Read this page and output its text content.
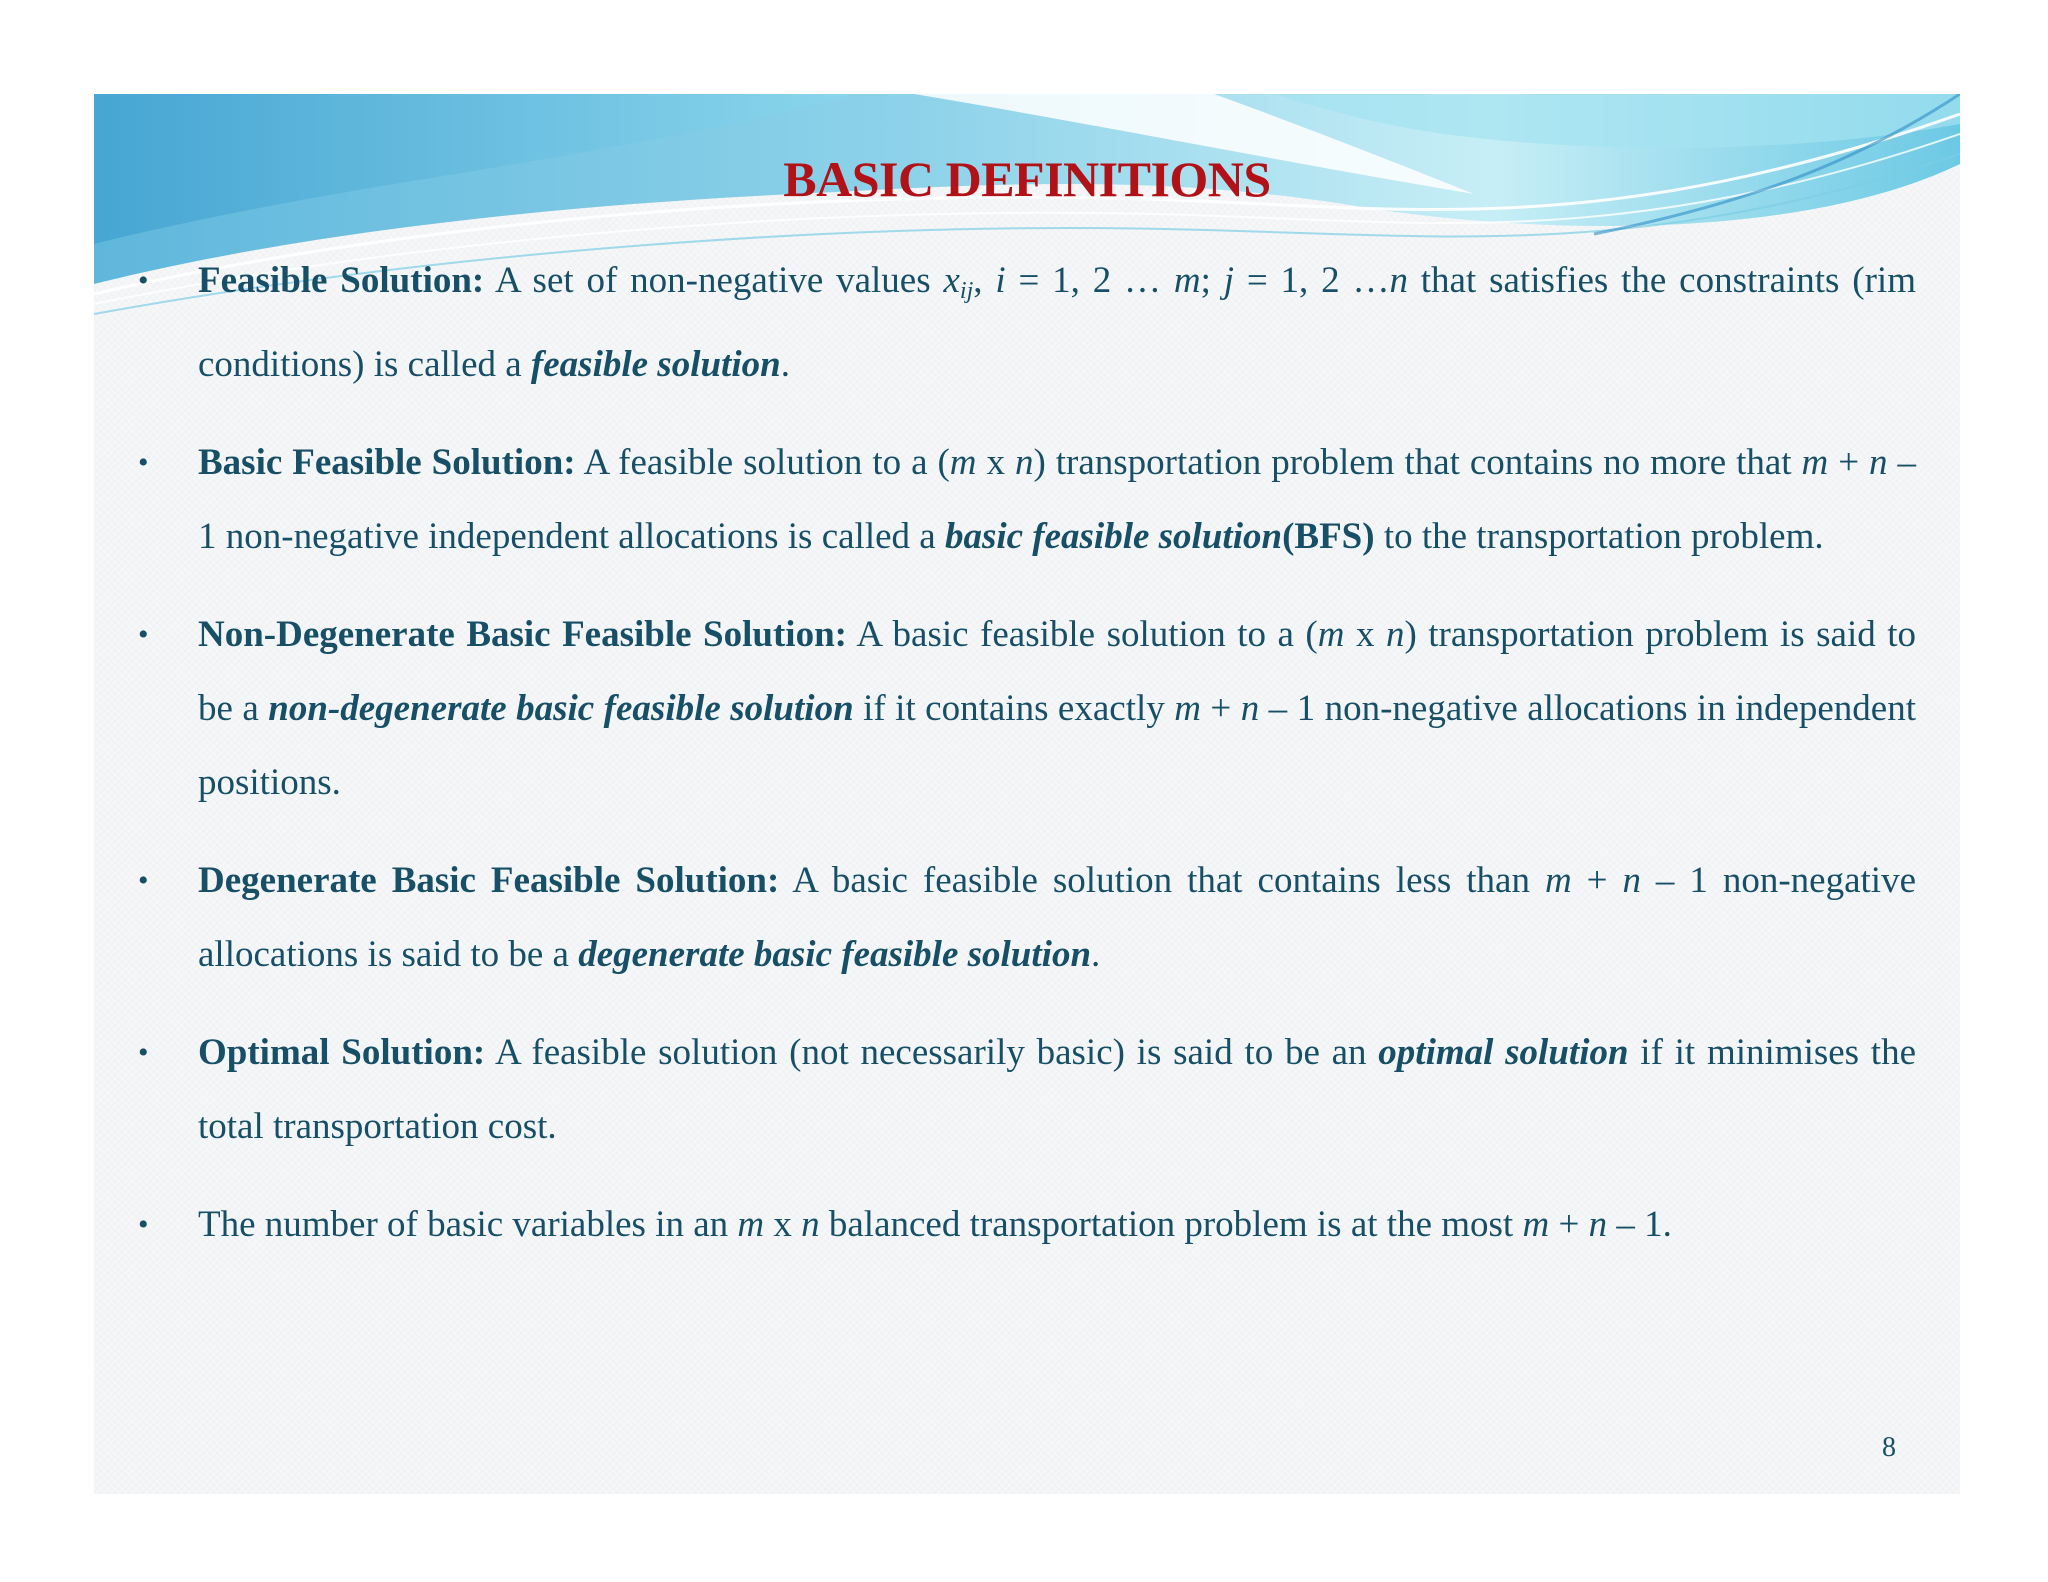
BASIC DEFINITIONS
• Feasible Solution: A set of non-negative values $x_{ij}$, i = 1, 2 … m; j = 1, 2 …n that satisfies the constraints (rim conditions) is called a feasible solution.
• Basic Feasible Solution: A feasible solution to a (m x n) transportation problem that contains no more that m + n – 1 non-negative independent allocations is called a basic feasible solution(BFS) to the transportation problem.
• Non-Degenerate Basic Feasible Solution: A basic feasible solution to a (m x n) transportation problem is said to be a non-degenerate basic feasible solution if it contains exactly m + n – 1 non-negative allocations in independent positions.
• Degenerate Basic Feasible Solution: A basic feasible solution that contains less than m + n – 1 non-negative allocations is said to be a degenerate basic feasible solution.
• Optimal Solution: A feasible solution (not necessarily basic) is said to be an optimal solution if it minimises the total transportation cost.
• The number of basic variables in an m x n balanced transportation problem is at the most m + n – 1.
8
